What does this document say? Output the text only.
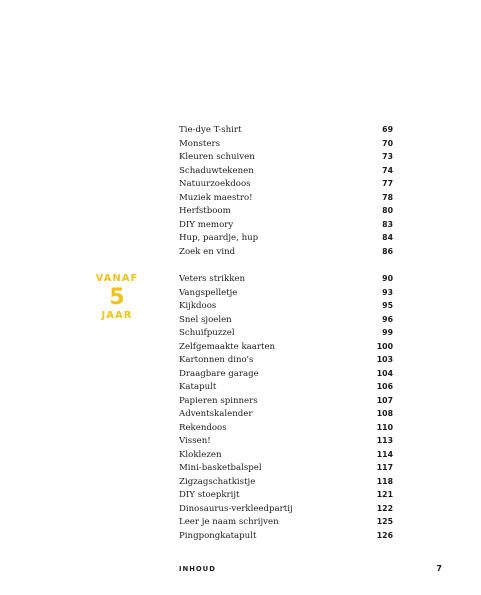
Tie-dye T-shirt	69
Monsters	70
Kleuren schuiven	73
Schaduwtekenen	74
Natuurzoekdoos	77
Muziek maestro!	78
Herfstboom	80
DIY memory	83
Hup, paardje, hup	84
Zoek en vind	86
VANAF
5
JAAR
Veters strikken	90
Vangspelletje	93
Kijkdoos	95
Snel sjoelen	96
Schuifpuzzel	99
Zelfgemaakte kaarten	100
Kartonnen dino's	103
Draagbare garage	104
Katapult	106
Papieren spinners	107
Adventskalender	108
Rekendoos	110
Vissen!	113
Kloklezen	114
Mini-basketbalspel	117
Zigzagschatkistje	118
DIY stoepkrijt	121
Dinosaurus-verkleedpartij	122
Leer je naam schrijven	125
Pingpongkatapult	126
INHOUD	7
